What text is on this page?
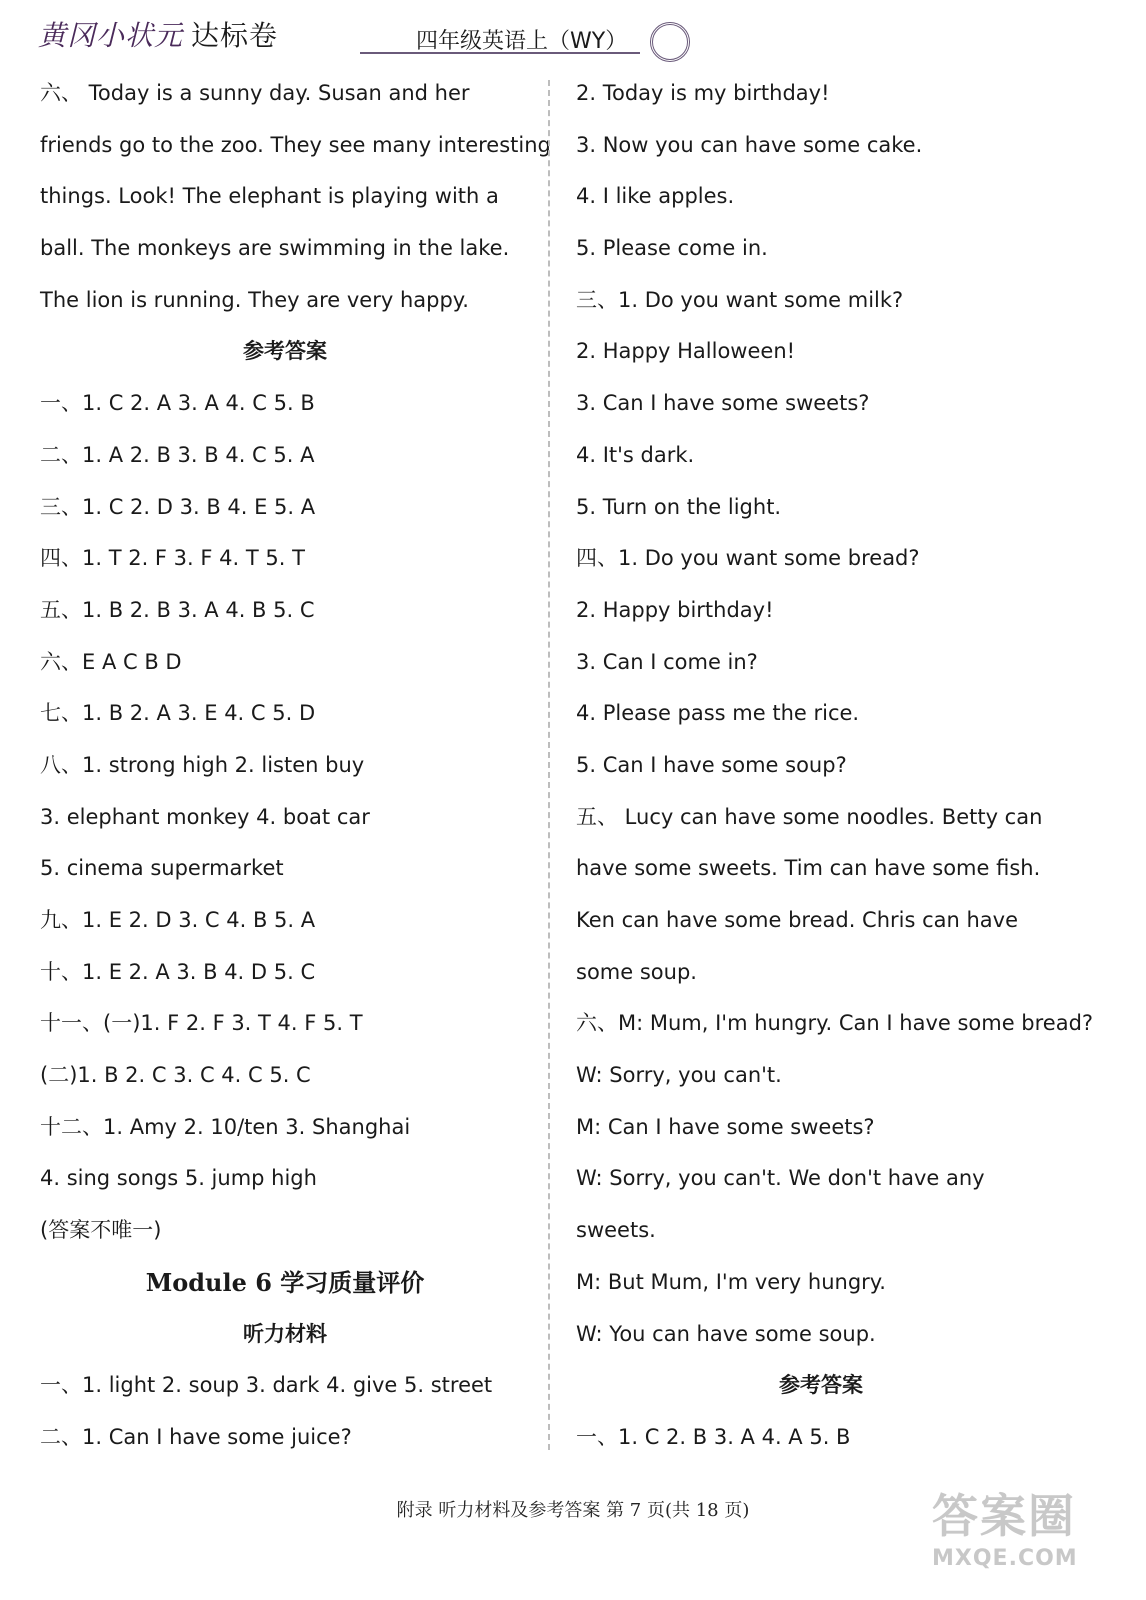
黄冈小状元 达标卷	四年级英语上（WY）
六、 Today is a sunny day. Susan and her
friends go to the zoo. They see many interesting
things. Look! The elephant is playing with a
ball. The monkeys are swimming in the lake.
The lion is running. They are very happy.
参考答案
一、1. C 2. A 3. A 4. C 5. B
二、1. A 2. B 3. B 4. C 5. A
三、1. C 2. D 3. B 4. E 5. A
四、1. T 2. F 3. F 4. T 5. T
五、1. B 2. B 3. A 4. B 5. C
六、E A C B D
七、1. B 2. A 3. E 4. C 5. D
八、1. strong high 2. listen buy
3. elephant monkey 4. boat car
5. cinema supermarket
九、1. E 2. D 3. C 4. B 5. A
十、1. E 2. A 3. B 4. D 5. C
十一、(一)1. F 2. F 3. T 4. F 5. T
(二)1. B 2. C 3. C 4. C 5. C
十二、1. Amy 2. 10/ten 3. Shanghai
4. sing songs 5. jump high
(答案不唯一)
Module 6 学习质量评价
听力材料
一、1. light 2. soup 3. dark 4. give 5. street
二、1. Can I have some juice?
2. Today is my birthday!
3. Now you can have some cake.
4. I like apples.
5. Please come in.
三、1. Do you want some milk?
2. Happy Halloween!
3. Can I have some sweets?
4. It's dark.
5. Turn on the light.
四、1. Do you want some bread?
2. Happy birthday!
3. Can I come in?
4. Please pass me the rice.
5. Can I have some soup?
五、 Lucy can have some noodles. Betty can
have some sweets. Tim can have some fish.
Ken can have some bread. Chris can have
some soup.
六、M: Mum, I'm hungry. Can I have some bread?
W: Sorry, you can't.
M: Can I have some sweets?
W: Sorry, you can't. We don't have any
sweets.
M: But Mum, I'm very hungry.
W: You can have some soup.
参考答案
一、1. C 2. B 3. A 4. A 5. B
附录 听力材料及参考答案 第 7 页(共 18 页)	答案圈
MXQE.COM
